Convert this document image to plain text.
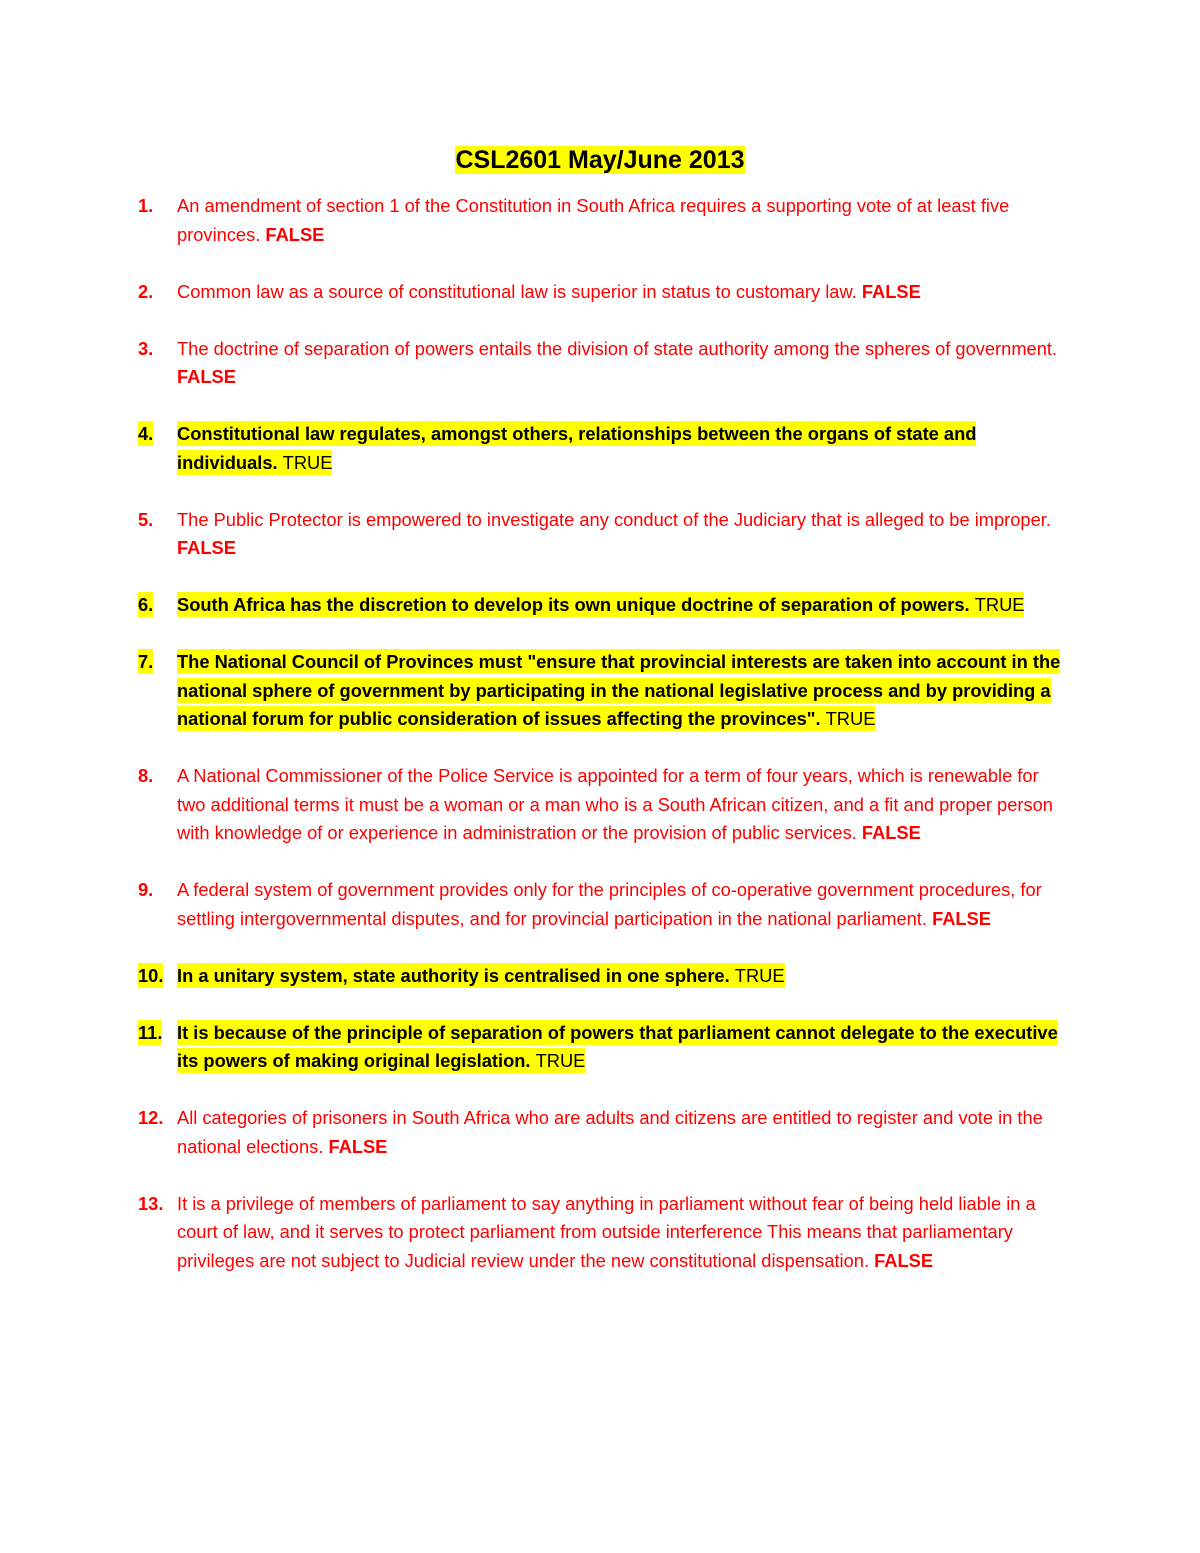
CSL2601 May/June 2013
1.	An amendment of section 1 of the Constitution in South Africa requires a supporting vote of at least five provinces. FALSE
2.	Common law as a source of constitutional law is superior in status to customary law. FALSE
3.	The doctrine of separation of powers entails the division of state authority among the spheres of government. FALSE
4.	Constitutional law regulates, amongst others, relationships between the organs of state and individuals. TRUE
5.	The Public Protector is empowered to investigate any conduct of the Judiciary that is alleged to be improper. FALSE
6.	South Africa has the discretion to develop its own unique doctrine of separation of powers. TRUE
7.	The National Council of Provinces must "ensure that provincial interests are taken into account in the national sphere of government by participating in the national legislative process and by providing a national forum for public consideration of issues affecting the provinces". TRUE
8.	A National Commissioner of the Police Service is appointed for a term of four years, which is renewable for two additional terms it must be a woman or a man who is a South African citizen, and a fit and proper person with knowledge of or experience in administration or the provision of public services. FALSE
9.	A federal system of government provides only for the principles of co-operative government procedures, for settling intergovernmental disputes, and for provincial participation in the national parliament. FALSE
10. In a unitary system, state authority is centralised in one sphere. TRUE
11. It is because of the principle of separation of powers that parliament cannot delegate to the executive its powers of making original legislation. TRUE
12. All categories of prisoners in South Africa who are adults and citizens are entitled to register and vote in the national elections. FALSE
13. It is a privilege of members of parliament to say anything in parliament without fear of being held liable in a court of law, and it serves to protect parliament from outside interference This means that parliamentary privileges are not subject to Judicial review under the new constitutional dispensation. FALSE
